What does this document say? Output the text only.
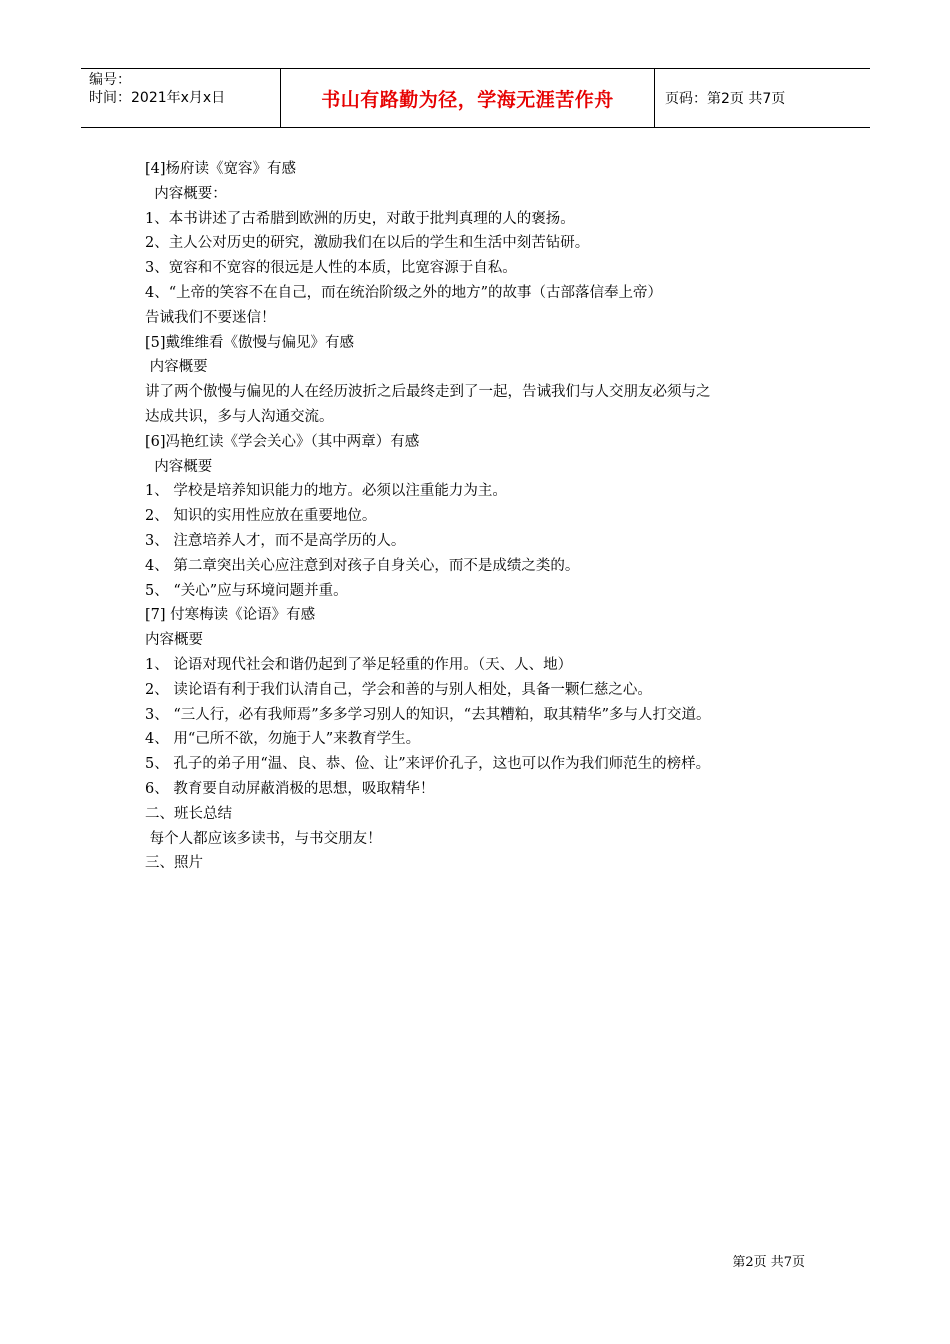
编号：
时间：2021年x月x日	书山有路勤为径，学海无涯苦作舟	页码：第2页 共7页
[4]杨府读《宽容》有感
内容概要：
1、本书讲述了古希腊到欧洲的历史，对敢于批判真理的人的褒扬。
2、主人公对历史的研究，激励我们在以后的学生和生活中刻苦钻研。
3、宽容和不宽容的很远是人性的本质，比宽容源于自私。
4、“上帝的笑容不在自己，而在统治阶级之外的地方”的故事（古部落信奉上帝）
告诫我们不要迷信！
[5]戴维维看《傲慢与偏见》有感
内容概要
讲了两个傲慢与偏见的人在经历波折之后最终走到了一起，告诫我们与人交朋友必须与之
达成共识，多与人沟通交流。
[6]冯艳红读《学会关心》（其中两章）有感
内容概要
1、 学校是培养知识能力的地方。必须以注重能力为主。
2、 知识的实用性应放在重要地位。
3、 注意培养人才，而不是高学历的人。
4、 第二章突出关心应注意到对孩子自身关心，而不是成绩之类的。
5、 “关心”应与环境问题并重。
[7] 付寒梅读《论语》有感
内容概要
1、 论语对现代社会和谐仍起到了举足轻重的作用。（天、人、地）
2、 读论语有利于我们认清自己，学会和善的与别人相处，具备一颗仁慈之心。
3、 “三人行，必有我师焉”多多学习别人的知识，“去其糟粕，取其精华”多与人打交道。
4、 用“己所不欲，勿施于人”来教育学生。
5、 孔子的弟子用“温、良、恭、俭、让”来评价孔子，这也可以作为我们师范生的榜样。
6、 教育要自动屏蔽消极的思想，吸取精华！
二、班长总结
每个人都应该多读书，与书交朋友！
三、照片
第2页 共7页
